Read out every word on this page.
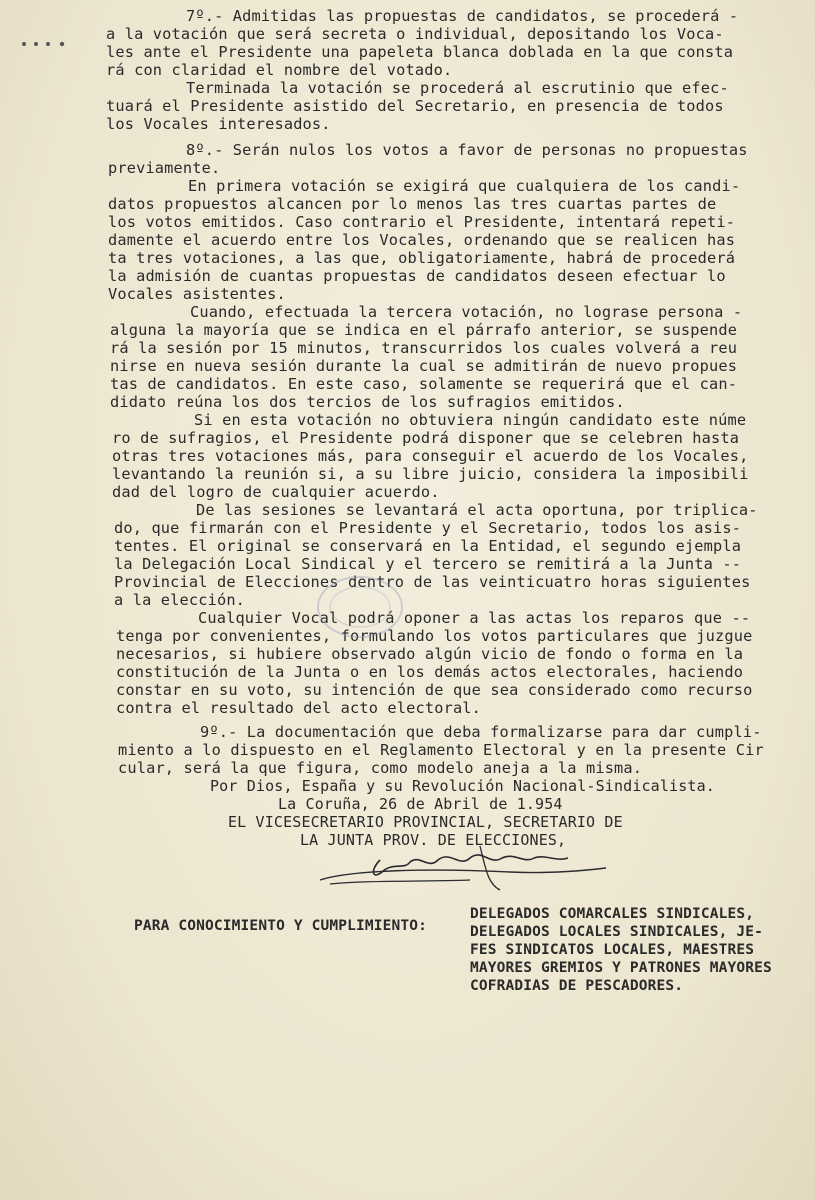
7º.- Admitidas las propuestas de candidatos, se procederá -
a la votación que será secreta o individual, depositando los Voca-
les ante el Presidente una papeleta blanca doblada en la que consta
rá con claridad el nombre del votado.
Terminada la votación se procederá al escrutinio que efec-
tuará el Presidente asistido del Secretario, en presencia de todos
los Vocales interesados.
8º.- Serán nulos los votos a favor de personas no propuestas
previamente.
En primera votación se exigirá que cualquiera de los candi-
datos propuestos alcancen por lo menos las tres cuartas partes de
los votos emitidos. Caso contrario el Presidente, intentará repeti-
damente el acuerdo entre los Vocales, ordenando que se realicen has
ta tres votaciones, a las que, obligatoriamente, habrá de procederá
la admisión de cuantas propuestas de candidatos deseen efectuar lo
Vocales asistentes.
Cuando, efectuada la tercera votación, no lograse persona -
alguna la mayoría que se indica en el párrafo anterior, se suspende
rá la sesión por 15 minutos, transcurridos los cuales volverá a reu
nirse en nueva sesión durante la cual se admitirán de nuevo propues
tas de candidatos. En este caso, solamente se requerirá que el can-
didato reúna los dos tercios de los sufragios emitidos.
Si en esta votación no obtuviera ningún candidato este núme
ro de sufragios, el Presidente podrá disponer que se celebren hasta
otras tres votaciones más, para conseguir el acuerdo de los Vocales,
levantando la reunión si, a su libre juicio, considera la imposibili
dad del logro de cualquier acuerdo.
De las sesiones se levantará el acta oportuna, por triplica-
do, que firmarán con el Presidente y el Secretario, todos los asis-
tentes. El original se conservará en la Entidad, el segundo ejempla
la Delegación Local Sindical y el tercero se remitirá a la Junta --
Provincial de Elecciones dentro de las veinticuatro horas siguientes
a la elección.
Cualquier Vocal podrá oponer a las actas los reparos que --
tenga por convenientes, formulando los votos particulares que juzgue
necesarios, si hubiere observado algún vicio de fondo o forma en la
constitución de la Junta o en los demás actos electorales, haciendo
constar en su voto, su intención de que sea considerado como recurso
contra el resultado del acto electoral.
9º.- La documentación que deba formalizarse para dar cumpli-
miento a lo dispuesto en el Reglamento Electoral y en la presente Cir
cular, será la que figura, como modelo aneja a la misma.
Por Dios, España y su Revolución Nacional-Sindicalista.
La Coruña, 26 de Abril de 1.954
EL VICESECRETARIO PROVINCIAL, SECRETARIO DE
LA JUNTA PROV. DE ELECCIONES,
PARA CONOCIMIENTO Y CUMPLIMIENTO:
DELEGADOS COMARCALES SINDICALES,
DELEGADOS LOCALES SINDICALES, JE-
FES SINDICATOS LOCALES, MAESTRES
MAYORES GREMIOS Y PATRONES MAYORES
COFRADIAS DE PESCADORES.
